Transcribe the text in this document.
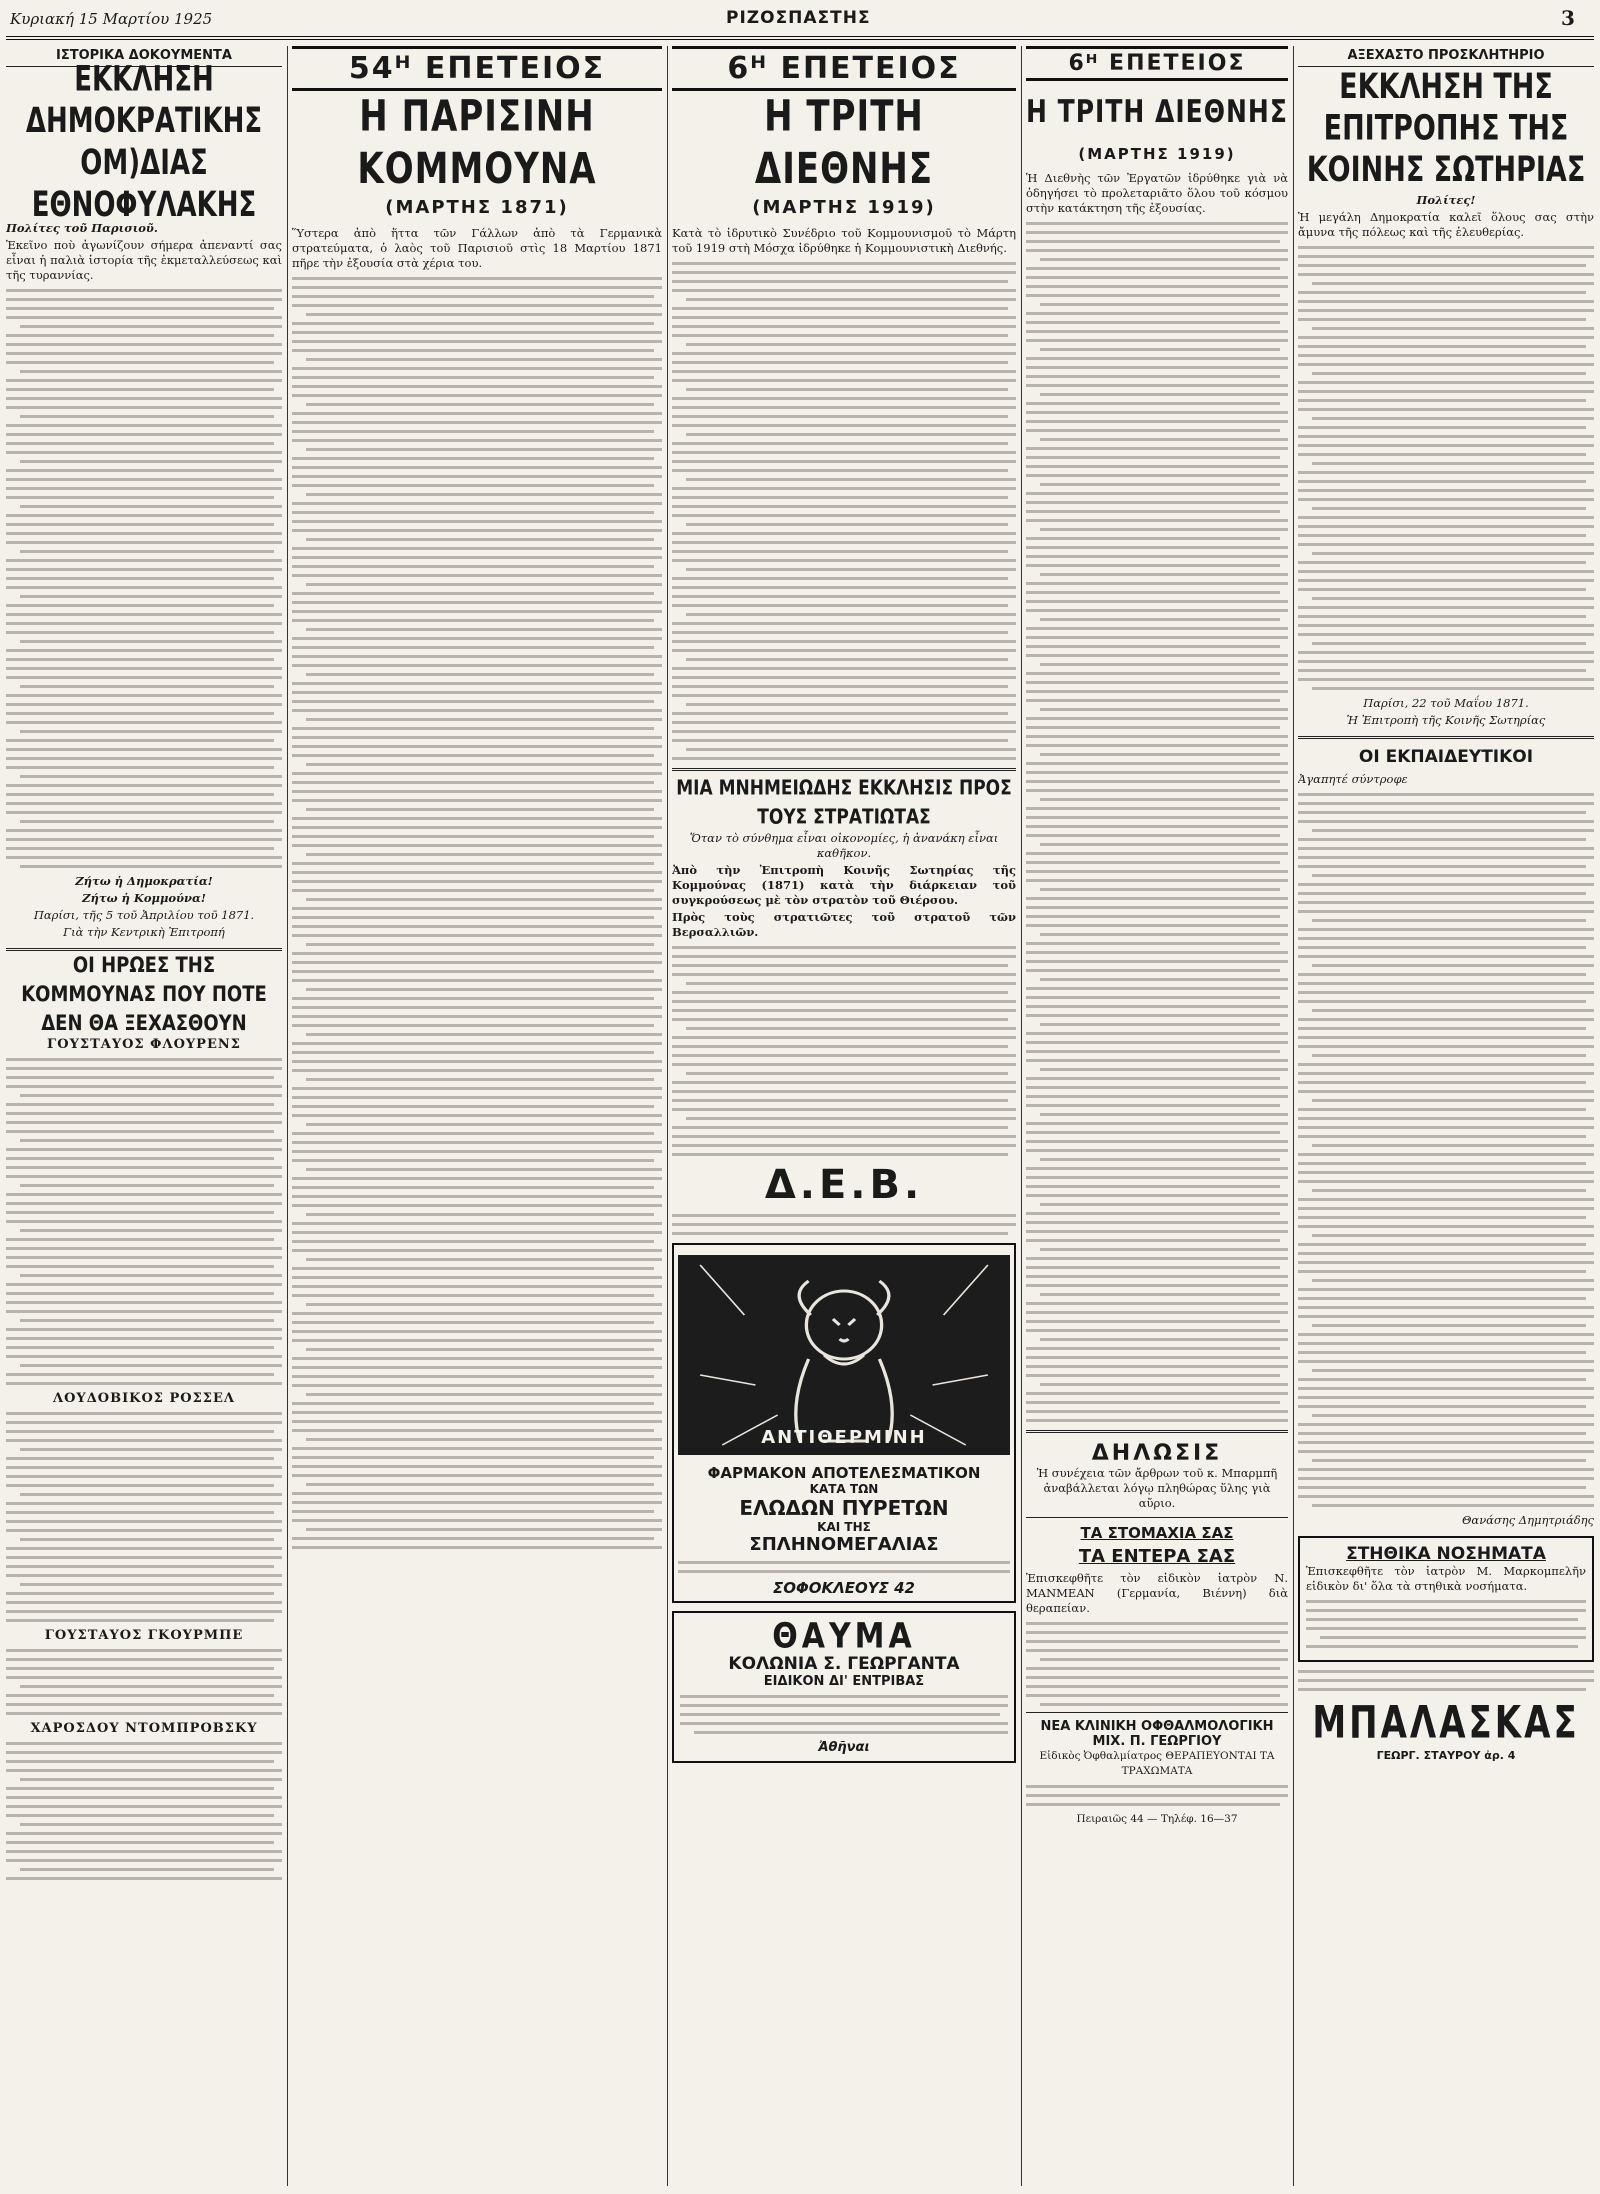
Κυριακή 15 Μαρτίου 1925	ΡΙΖΟΣΠΑΣΤΗΣ	3
ΙΣΤΟΡΙΚΑ ΔΟΚΟΥΜΕΝΤΑ
ΕΚΚΛΗΣΗ ΔΗΜΟΚΡΑΤΙΚΗΣ ΟΜ)ΔΙΑΣ ΕΘΝΟΦΥΛΑΚΗΣ
Πολίτες τοῦ Παρισιοῦ.
Ἐκεῖνο ποὺ ἀγωνίζουν σήμερα ἀπεναντί σας εἶναι ἡ παλιὰ ἱστορία τῆς ἐκμεταλλεύσεως καὶ τῆς τυραννίας.
Ζήτω ἡ Δημοκρατία!
Ζήτω ἡ Κομμούνα!
Παρίσι, τῆς 5 τοῦ Ἀπριλίου τοῦ 1871.
Γιὰ τὴν Κεντρικὴ Ἐπιτροπή
ΟΙ ΗΡΩΕΣ ΤΗΣ ΚΟΜΜΟΥΝΑΣ ΠΟΥ ΠΟΤΕ ΔΕΝ ΘΑ ΞΕΧΑΣΘΟΥΝ
ΓΟΥΣΤΑΥΟΣ ΦΛΟΥΡΕΝΣ
ΛΟΥΔΟΒΙΚΟΣ ΡΟΣΣΕΛ
ΓΟΥΣΤΑΥΟΣ ΓΚΟΥΡΜΠΕ
ΧΑΡΟΣΔΟΥ ΝΤΟΜΠΡΟΒΣΚΥ
54ᴴ ΕΠΕΤΕΙΟΣ
Η ΠΑΡΙΣΙΝΗ ΚΟΜΜΟΥΝΑ
(ΜΑΡΤΗΣ 1871)
Ὕστερα ἀπὸ ἥττα τῶν Γάλλων ἀπὸ τὰ Γερμανικὰ στρατεύματα, ὁ λαὸς τοῦ Παρισιοῦ στὶς 18 Μαρτίου 1871 πῆρε τὴν ἐξουσία στὰ χέρια του.
6ᴴ ΕΠΕΤΕΙΟΣ
Η ΤΡΙΤΗ ΔΙΕΘΝΗΣ
(ΜΑΡΤΗΣ 1919)
Κατὰ τὸ ἰδρυτικὸ Συνέδριο τοῦ Κομμουνισμοῦ τὸ Μάρτη τοῦ 1919 στὴ Μόσχα ἱδρύθηκε ἡ Κομμουνιστικὴ Διεθνής.
ΜΙΑ ΜΝΗΜΕΙΩΔΗΣ ΕΚΚΛΗΣΙΣ ΠΡΟΣ ΤΟΥΣ ΣΤΡΑΤΙΩΤΑΣ
Ὅταν τὸ σύνθημα εἶναι οἰκονομίες, ἡ ἀνανάκη εἶναι καθῆκον.
Ἀπὸ τὴν Ἐπιτροπὴ Κοινῆς Σωτηρίας τῆς Κομμούνας (1871) κατὰ τὴν διάρκειαν τοῦ συγκρούσεως μὲ τὸν στρατὸν τοῦ Θιέρσου.
Πρὸς τοὺς στρατιῶτες τοῦ στρατοῦ τῶν Βερσαλλιῶν.
Δ.Ε.Β.
ΑΝΤΙΘΕΡΜΙΝΗ
ΦΑΡΜΑΚΟΝ ΑΠΟΤΕΛΕΣΜΑΤΙΚΟΝ
ΚΑΤΑ ΤΩΝ
ΕΛΩΔΩΝ ΠΥΡΕΤΩΝ
ΚΑΙ ΤΗΣ
ΣΠΛΗΝΟΜΕΓΑΛΙΑΣ
ΣΟΦΟΚΛΕΟΥΣ 42
ΘΑΥΜΑ
ΚΟΛΩΝΙΑ Σ. ΓΕΩΡΓΑΝΤΑ
ΕΙΔΙΚΟΝ ΔΙ' ΕΝΤΡΙΒΑΣ
Ἀθῆναι
6ᴴ ΕΠΕΤΕΙΟΣ
Η ΤΡΙΤΗ ΔΙΕΘΝΗΣ
(ΜΑΡΤΗΣ 1919)
Ἡ Διεθνὴς τῶν Ἐργατῶν ἱδρύθηκε γιὰ νὰ ὁδηγήσει τὸ προλεταριᾶτο ὅλου τοῦ κόσμου στὴν κατάκτηση τῆς ἐξουσίας.
ΔΗΛΩΣΙΣ
Ἡ συνέχεια τῶν ἄρθρων τοῦ κ. Μπαρμπῆ ἀναβάλλεται λόγῳ πληθώρας ὕλης γιὰ αὔριο.
ΤΑ ΣΤΟΜΑΧΙΑ ΣΑΣ
ΤΑ ΕΝΤΕΡΑ ΣΑΣ
Ἐπισκεφθῆτε τὸν εἰδικὸν ἰατρὸν Ν. ΜΑΝΜΕΑΝ (Γερμανία, Βιέννη) διὰ θεραπείαν.
ΝΕΑ ΚΛΙΝΙΚΗ ΟΦΘΑΛΜΟΛΟΓΙΚΗ
ΜΙΧ. Π. ΓΕΩΡΓΙΟΥ
Εἰδικὸς Ὀφθαλμίατρος ΘΕΡΑΠΕΥΟΝΤΑΙ ΤΑ ΤΡΑΧΩΜΑΤΑ
Πειραιῶς 44 — Τηλέφ. 16—37
ΑΞΕΧΑΣΤΟ ΠΡΟΣΚΛΗΤΗΡΙΟ
ΕΚΚΛΗΣΗ ΤΗΣ ΕΠΙΤΡΟΠΗΣ ΤΗΣ ΚΟΙΝΗΣ ΣΩΤΗΡΙΑΣ
Πολίτες!
Ἡ μεγάλη Δημοκρατία καλεῖ ὅλους σας στὴν ἄμυνα τῆς πόλεως καὶ τῆς ἐλευθερίας.
Παρίσι, 22 τοῦ Μαΐου 1871.
Ἡ Ἐπιτροπὴ τῆς Κοινῆς Σωτηρίας
ΟΙ ΕΚΠΑΙΔΕΥΤΙΚΟΙ
Ἀγαπητέ σύντροφε
Θανάσης Δημητριάδης
ΣΤΗΘΙΚΑ ΝΟΣΗΜΑΤΑ
Ἐπισκεφθῆτε τὸν ἰατρὸν Μ. Μαρκομπελῆν εἰδικὸν δι' ὅλα τὰ στηθικὰ νοσήματα.
ΜΠΑΛΑΣΚΑΣ
ΓΕΩΡΓ. ΣΤΑΥΡΟΥ ἀρ. 4
